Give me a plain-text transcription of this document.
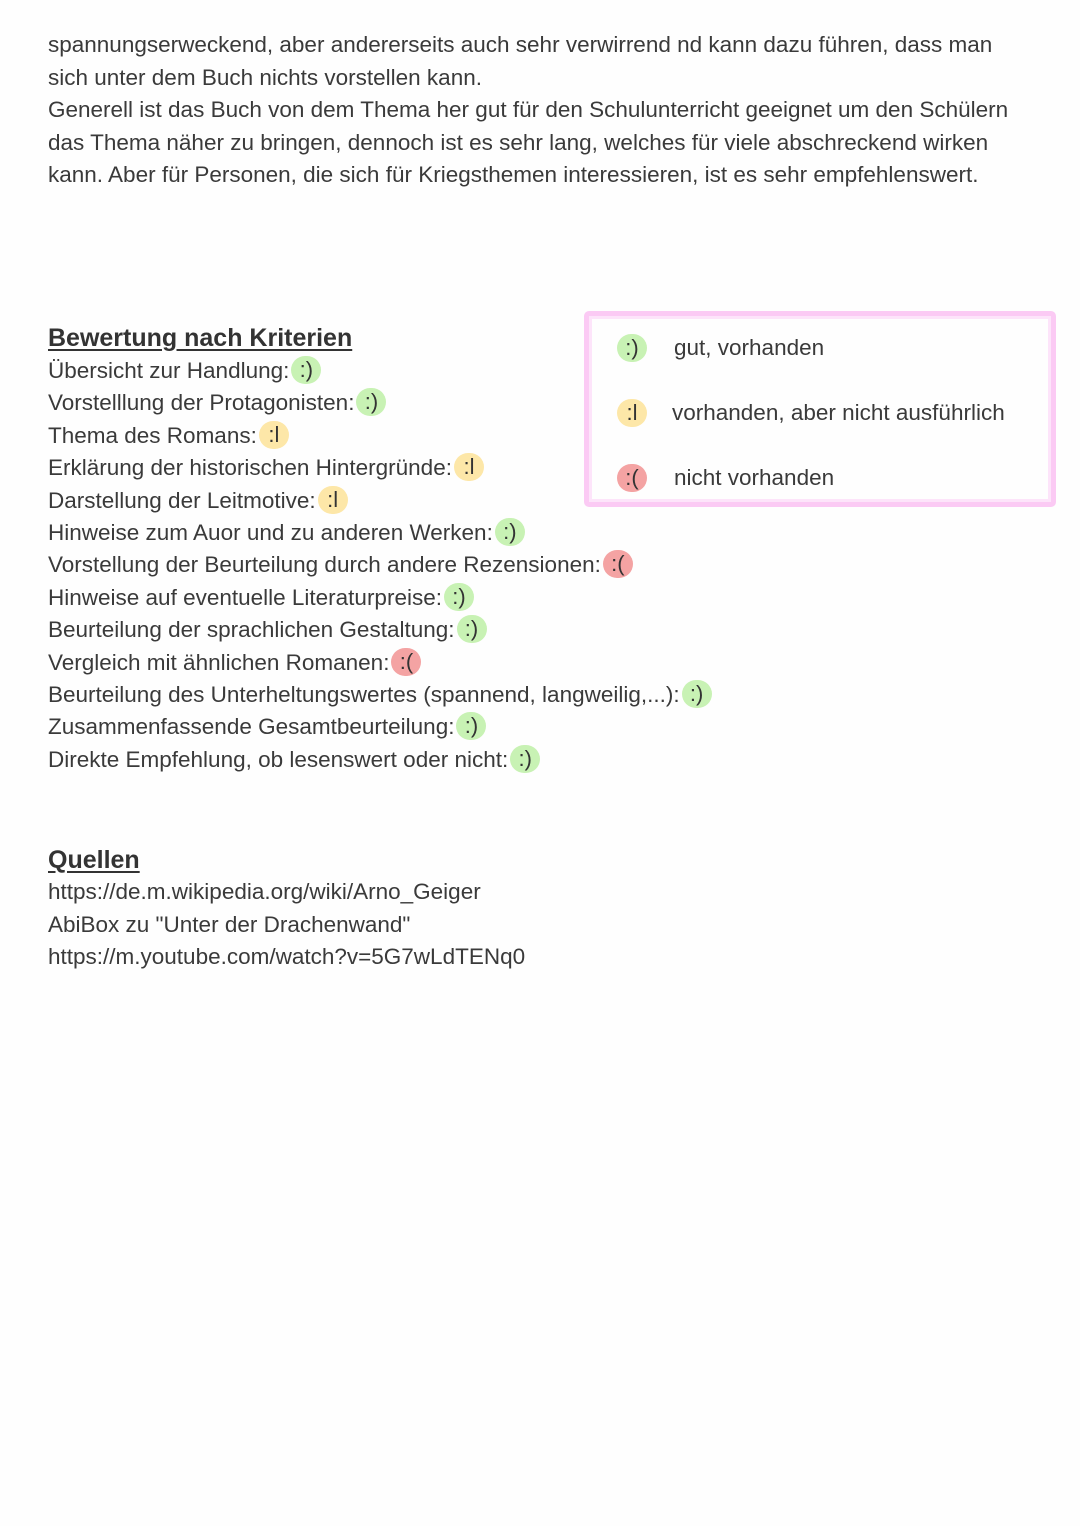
spannungserweckend, aber andererseits auch sehr verwirrend nd kann dazu führen, dass man sich unter dem Buch nichts vorstellen kann.

Generell ist das Buch von dem Thema her gut für den Schulunterricht geeignet um den Schülern das Thema näher zu bringen, dennoch ist es sehr lang, welches für viele abschreckend wirken kann. Aber für Personen, die sich für Kriegsthemen interessieren, ist es sehr empfehlenswert.

Bewertung nach Kriterien
Übersicht zur Handlung: :)
Vorstelllung der Protagonisten: :)
Thema des Romans: :l
Erklärung der historischen Hintergründe: :l
Darstellung der Leitmotive: :l
Hinweise zum Auor und zu anderen Werken: :)
Vorstellung der Beurteilung durch andere Rezensionen: :(
Hinweise auf eventuelle Literaturpreise: :)
Beurteilung der sprachlichen Gestaltung: :)
Vergleich mit ähnlichen Romanen: :(
Beurteilung des Unterheltungswertes (spannend, langweilig,...): :)
Zusammenfassende Gesamtbeurteilung: :)
Direkte Empfehlung, ob lesenswert oder nicht: :)
:) gut, vorhanden
:l vorhanden, aber nicht ausführlich
:( nicht vorhanden
Quellen
https://de.m.wikipedia.org/wiki/Arno_Geiger
AbiBox zu "Unter der Drachenwand"
https://m.youtube.com/watch?v=5G7wLdTENq0
